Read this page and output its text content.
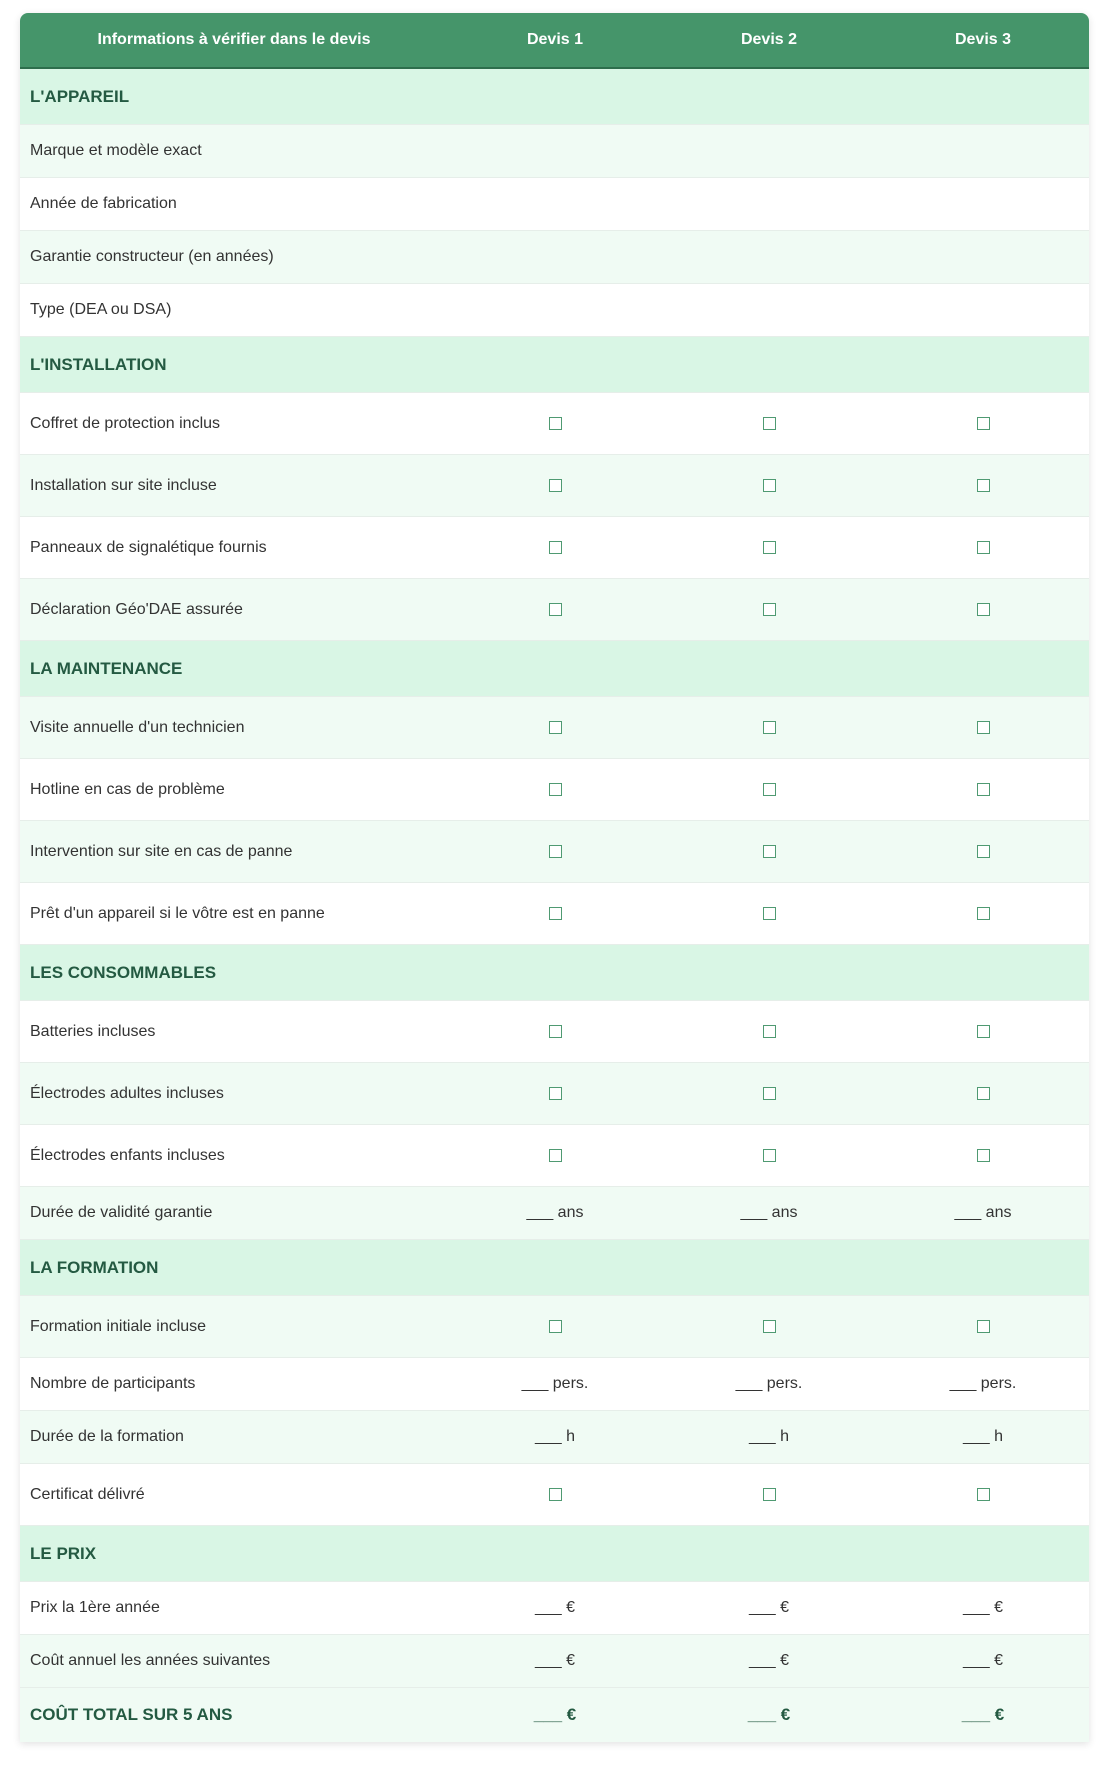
Informations à vérifier dans le devis	Devis 1	Devis 2	Devis 3
L'APPAREIL
Marque et modèle exact
Année de fabrication
Garantie constructeur (en années)
Type (DEA ou DSA)
L'INSTALLATION
Coffret de protection inclus
Installation sur site incluse
Panneaux de signalétique fournis
Déclaration Géo'DAE assurée
LA MAINTENANCE
Visite annuelle d'un technicien
Hotline en cas de problème
Intervention sur site en cas de panne
Prêt d'un appareil si le vôtre est en panne
LES CONSOMMABLES
Batteries incluses
Électrodes adultes incluses
Électrodes enfants incluses
Durée de validité garantie	___ ans	___ ans	___ ans
LA FORMATION
Formation initiale incluse
Nombre de participants	___ pers.	___ pers.	___ pers.
Durée de la formation	___ h	___ h	___ h
Certificat délivré
LE PRIX
Prix la 1ère année	___ €	___ €	___ €
Coût annuel les années suivantes	___ €	___ €	___ €
COÛT TOTAL SUR 5 ANS	___ €	___ €	___ €
